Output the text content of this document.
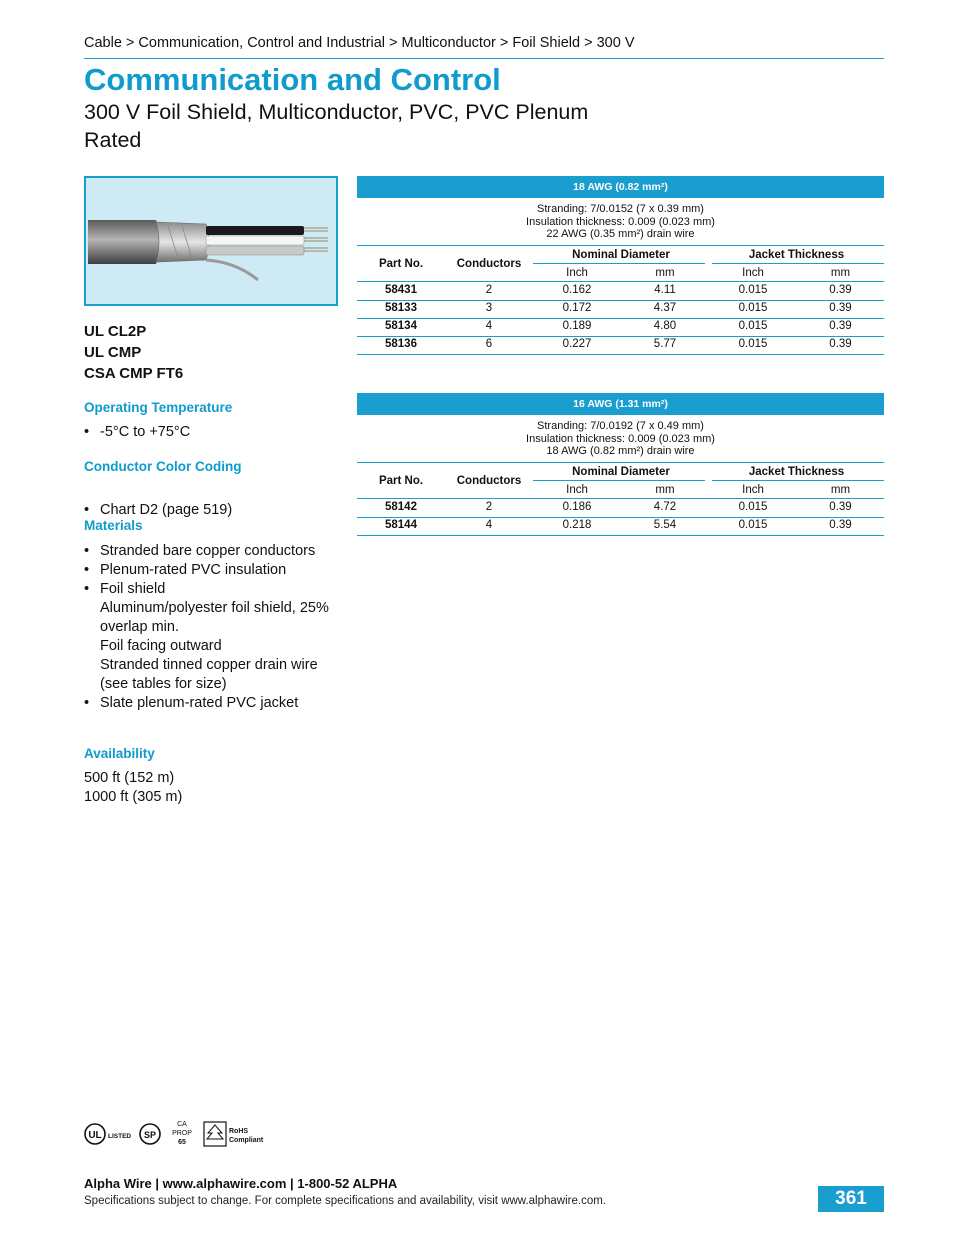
Cable > Communication, Control and Industrial > Multiconductor > Foil Shield > 300 V
Communication and Control
300 V Foil Shield, Multiconductor, PVC, PVC Plenum Rated
UL CL2P
UL CMP
CSA CMP FT6
Operating Temperature
• -5°C to +75°C
Conductor Color Coding
• Chart D2 (page 519)
Materials
• Stranded bare copper conductors
• Plenum-rated PVC insulation
• Foil shield
Aluminum/polyester foil shield, 25% overlap min.
Foil facing outward
Stranded tinned copper drain wire (see tables for size)
• Slate plenum-rated PVC jacket
Availability
500 ft (152 m)
1000 ft (305 m)
18 AWG (0.82 mm²)
Stranding: 7/0.0152 (7 x 0.39 mm)
Insulation thickness: 0.009 (0.023 mm)
22 AWG (0.35 mm²) drain wire
Part No.	Conductors
Nominal Diameter	Jacket Thickness
Inch	mm	Inch	mm
58431	2	0.162	4.11	0.015	0.39
58133	3	0.172	4.37	0.015	0.39
58134	4	0.189	4.80	0.015	0.39
58136	6	0.227	5.77	0.015	0.39
16 AWG (1.31 mm²)
Stranding: 7/0.0192 (7 x 0.49 mm)
Insulation thickness: 0.009 (0.023 mm)
18 AWG (0.82 mm²) drain wire
Part No.	Conductors
Nominal Diameter	Jacket Thickness
Inch	mm	Inch	mm
58142	2	0.186	4.72	0.015	0.39
58144	4	0.218	5.54	0.015	0.39
UL LISTED SP
CA
PROP
65
RoHS
Compliant
Alpha Wire | www.alphawire.com | 1-800-52 ALPHA
Specifications subject to change. For complete specifications and availability, visit www.alphawire.com.	361
